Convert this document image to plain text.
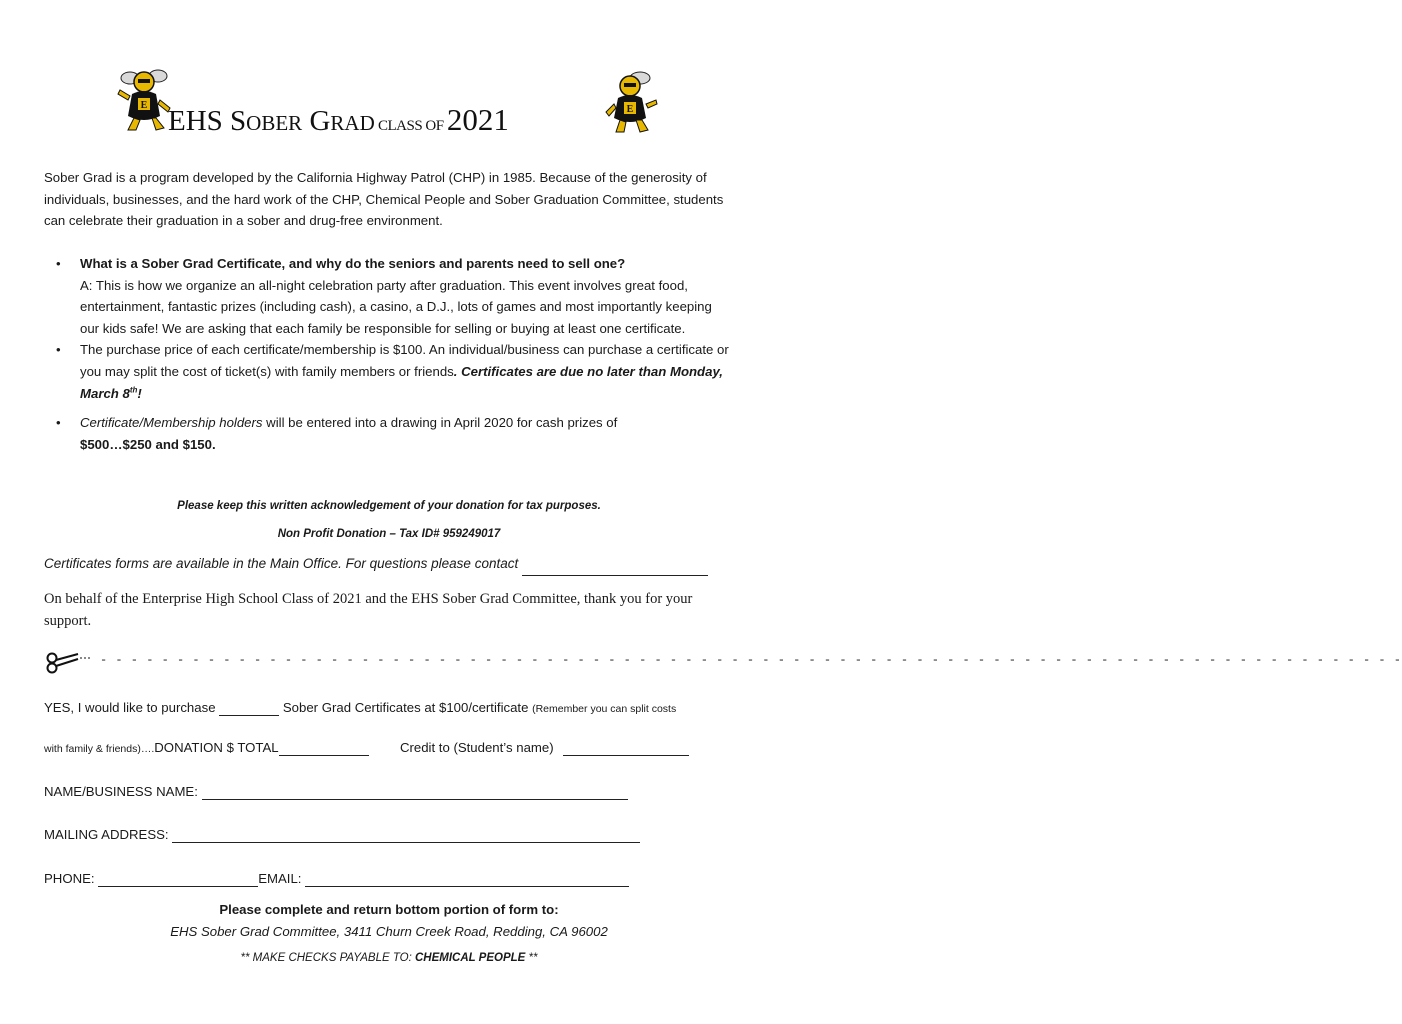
E EHS SOBER GRAD CLASS OF 2021	E
Sober Grad is a program developed by the California Highway Patrol (CHP) in 1985. Because of the generosity of individuals, businesses, and the hard work of the CHP, Chemical People and Sober Graduation Committee, students can celebrate their graduation in a sober and drug-free environment.
• What is a Sober Grad Certificate, and why do the seniors and parents need to sell one?
A: This is how we organize an all-night celebration party after graduation. This event involves great food, entertainment, fantastic prizes (including cash), a casino, a D.J., lots of games and most importantly keeping our kids safe! We are asking that each family be responsible for selling or buying at least one certificate.
• The purchase price of each certificate/membership is $100. An individual/business can purchase a certificate or you may split the cost of ticket(s) with family members or friends. Certificates are due no later than Monday, March 8th!
• Certificate/Membership holders will be entered into a drawing in April 2020 for cash prizes of
$500…$250 and $150.
Please keep this written acknowledgement of your donation for tax purposes.
Non Profit Donation – Tax ID# 959249017
Certificates forms are available in the Main Office. For questions please contact
On behalf of the Enterprise High School Class of 2021 and the EHS Sober Grad Committee, thank you for your support.
- - - - - - - - - - - - - - - - - - - - - - - - - - - - - - - - - - - - - - - - - - - - - - - - - - - - - - - - - - - - - - - - - - - - - - - - - - - - - - - - - - - - -
YES, I would like to purchase	Sober Grad Certificates at $100/certificate (Remember you can split costs
with family & friends)….DONATION $ TOTAL	Credit to (Student’s name)
NAME/BUSINESS NAME:
MAILING ADDRESS:
PHONE:	EMAIL:
Please complete and return bottom portion of form to:
EHS Sober Grad Committee, 3411 Churn Creek Road, Redding, CA 96002
** MAKE CHECKS PAYABLE TO: CHEMICAL PEOPLE **
